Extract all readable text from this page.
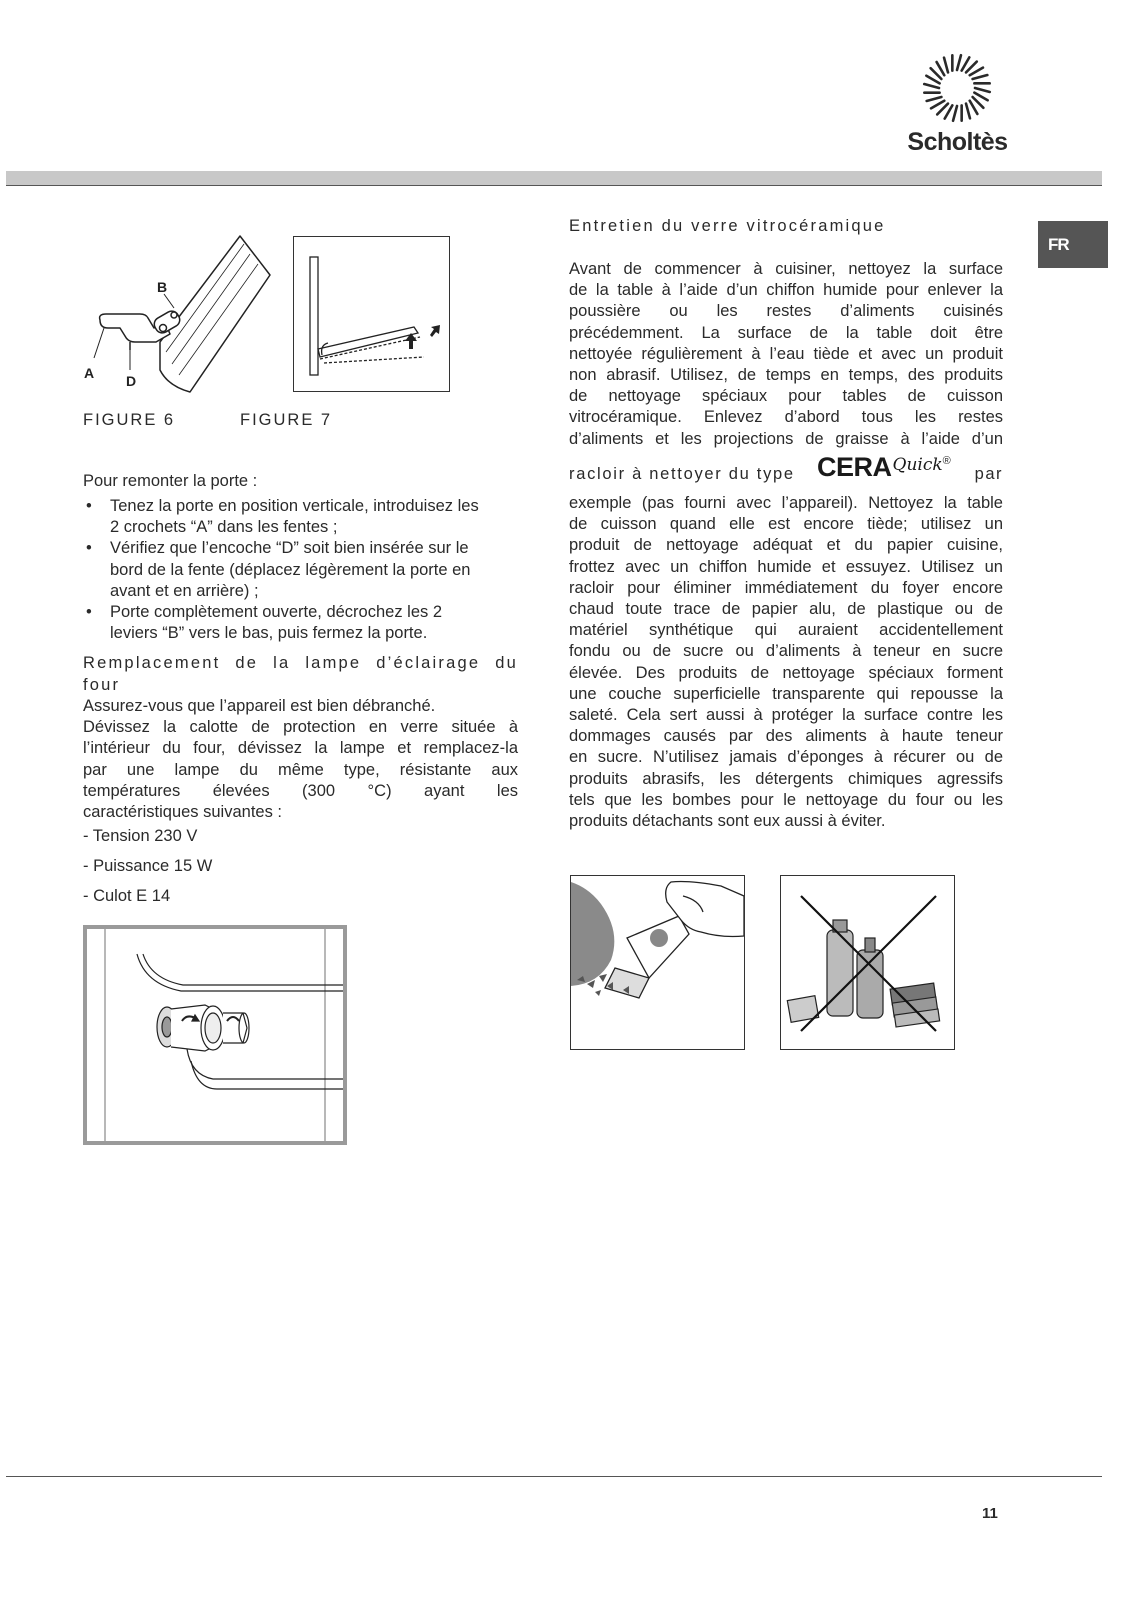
Scholtès
FR
B
A D
FIGURE 6	FIGURE 7
Pour remonter la porte :
• Tenez la porte en position verticale, introduisez les
2 crochets “A” dans les fentes ;
• Vérifiez que l’encoche “D” soit bien insérée sur le
bord de la fente (déplacez légèrement la porte en
avant et en arrière) ;
• Porte complètement ouverte, décrochez les 2
leviers “B” vers le bas, puis fermez la porte.
Remplacement de la lampe d’éclairage du
four
Assurez-vous que l’appareil est bien débranché.
Dévissez la calotte de protection en verre située à
l’intérieur du four, dévissez la lampe et remplacez-la
par une lampe du même type, résistante aux
températures élevées (300 °C) ayant les
caractéristiques suivantes :
- Tension 230 V
- Puissance 15 W
- Culot E 14
Entretien du verre vitrocéramique
Avant de commencer à cuisiner, nettoyez la surface
de la table à l’aide d’un chiffon humide pour enlever la
poussière ou les restes d’aliments cuisinés
précédemment. La surface de la table doit être
nettoyée régulièrement à l’eau tiède et avec un produit
non abrasif. Utilisez, de temps en temps, des produits
de nettoyage spéciaux pour tables de cuisson
vitrocéramique. Enlevez d’abord tous les restes
d’aliments et les projections de graisse à l’aide d’un
racloir à nettoyer du type CERAQuick®
par
exemple (pas fourni avec l’appareil). Nettoyez la table
de cuisson quand elle est encore tiède; utilisez un
produit de nettoyage adéquat et du papier cuisine,
frottez avec un chiffon humide et essuyez. Utilisez un
racloir pour éliminer immédiatement du foyer encore
chaud toute trace de papier alu, de plastique ou de
matériel synthétique qui auraient accidentellement
fondu ou de sucre ou d’aliments à teneur en sucre
élevée. Des produits de nettoyage spéciaux forment
une couche superficielle transparente qui repousse la
saleté. Cela sert aussi à protéger la surface contre les
dommages causés par des aliments à haute teneur
en sucre. N’utilisez jamais d’éponges à récurer ou de
produits abrasifs, les détergents chimiques agressifs
tels que les bombes pour le nettoyage du four ou les
produits détachants sont eux aussi à éviter.
11
